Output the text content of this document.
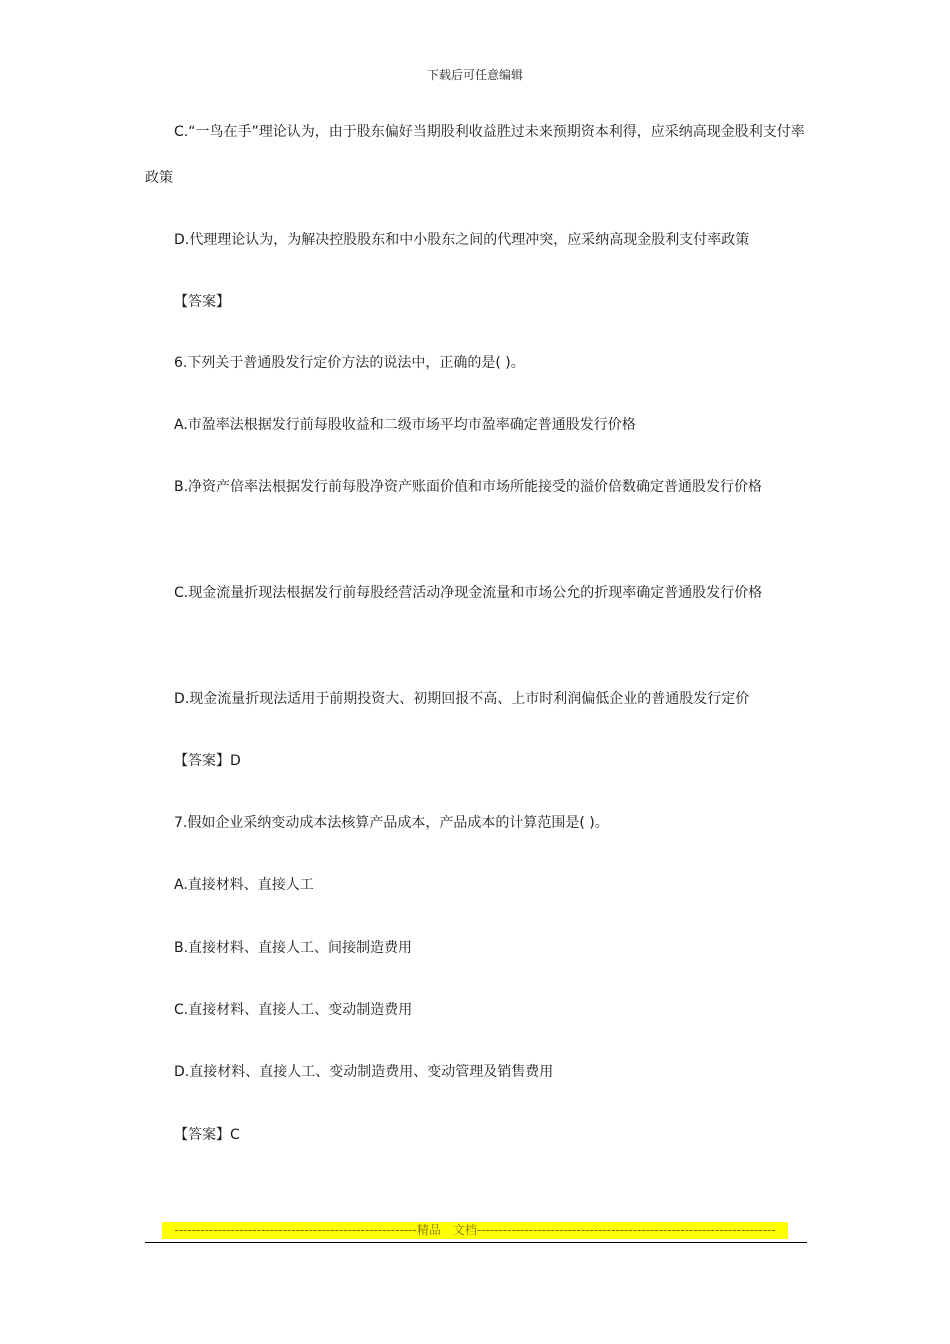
下载后可任意编辑

C.“一鸟在手”理论认为，由于股东偏好当期股利收益胜过未来预期资本利得，应采纳高现金股利支付率政策

D.代理理论认为，为解决控股股东和中小股东之间的代理冲突，应采纳高现金股利支付率政策

【答案】

6.下列关于普通股发行定价方法的说法中，正确的是( )。

A.市盈率法根据发行前每股收益和二级市场平均市盈率确定普通股发行价格

B.净资产倍率法根据发行前每股净资产账面价值和市场所能接受的溢价倍数确定普通股发行价格

C.现金流量折现法根据发行前每股经营活动净现金流量和市场公允的折现率确定普通股发行价格

D.现金流量折现法适用于前期投资大、初期回报不高、上市时利润偏低企业的普通股发行定价

【答案】D

7.假如企业采纳变动成本法核算产品成本，产品成本的计算范围是( )。

A.直接材料、直接人工

B.直接材料、直接人工、间接制造费用

C.直接材料、直接人工、变动制造费用

D.直接材料、直接人工、变动制造费用、变动管理及销售费用

【答案】C

--------------------------------------------------------精品　文档---------------------------------------------------------------------
